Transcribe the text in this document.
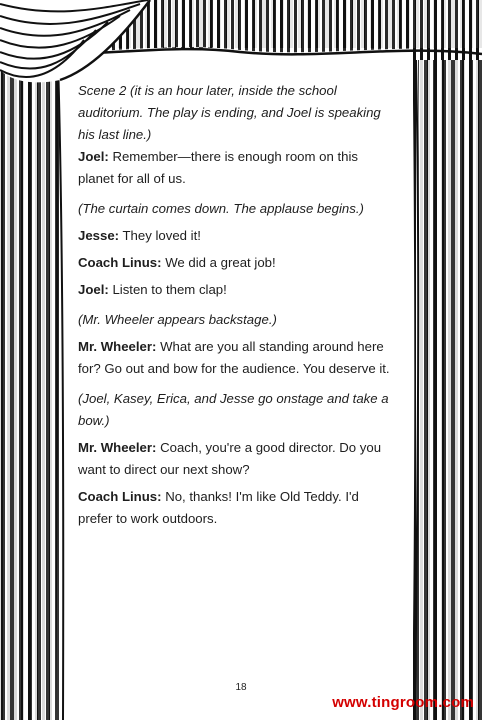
Scene 2 (it is an hour later, inside the school auditorium. The play is ending, and Joel is speaking his last line.)

Joel: Remember—there is enough room on this planet for all of us.

(The curtain comes down. The applause begins.)

Jesse: They loved it!

Coach Linus: We did a great job!

Joel: Listen to them clap!

(Mr. Wheeler appears backstage.)

Mr. Wheeler: What are you all standing around here for? Go out and bow for the audience. You deserve it.

(Joel, Kasey, Erica, and Jesse go onstage and take a bow.)

Mr. Wheeler: Coach, you're a good director. Do you want to direct our next show?

Coach Linus: No, thanks! I'm like Old Teddy. I'd prefer to work outdoors.

18
www.tingroom.com
